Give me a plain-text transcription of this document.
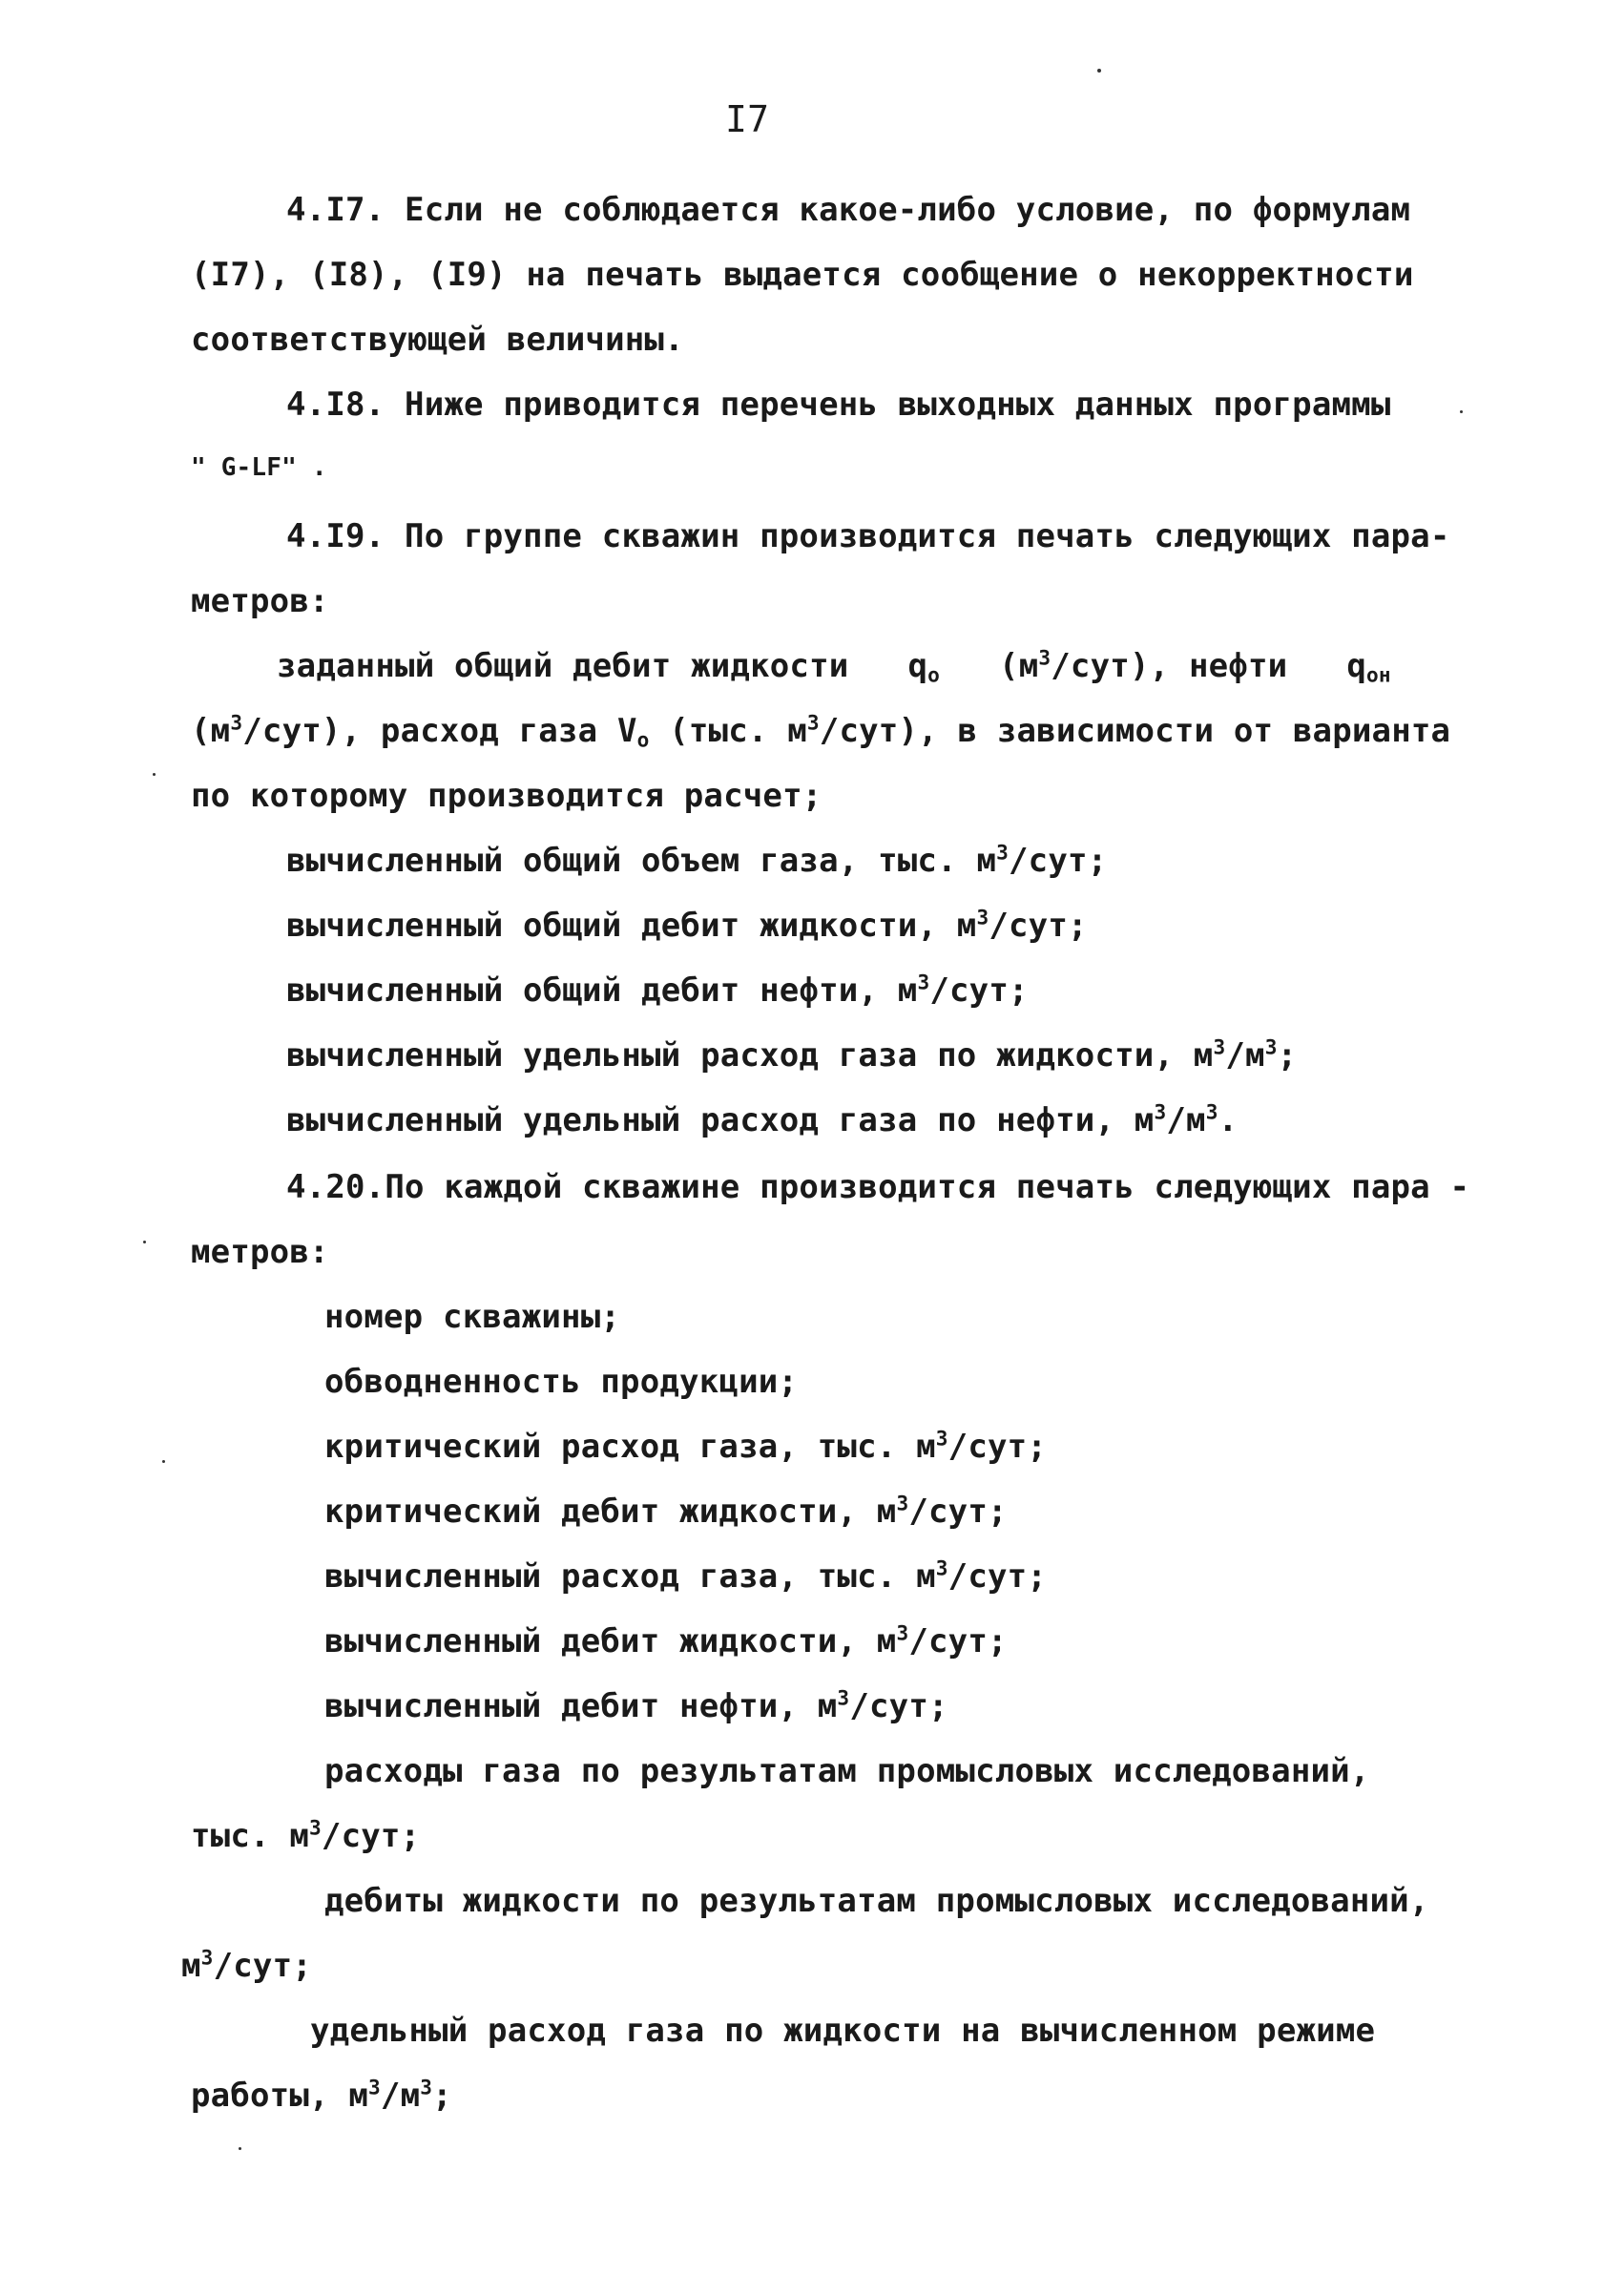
I7
4.I7. Если не соблюдается какое-либо условие, по формулам
(I7), (I8), (I9) на печать выдается сообщение о некорректности
соответствующей величины.
4.I8. Ниже приводится перечень выходных данных программы
" G-LF" .
4.I9. По группе скважин производится печать следующих пара-
метров:
заданный общий дебит жидкости $q_o$ $(м^3/сут)$, нефти $q_{он}$
$(м^3/сут)$, расход газа $V_o$ (тыс. $м^3/сут$), в зависимости от варианта
по которому производится расчет;
вычисленный общий объем газа, тыс. $м^3$/сут;
вычисленный общий дебит жидкости, $м^3$/сут;
вычисленный общий дебит нефти, $м^3$/сут;
вычисленный удельный расход газа по жидкости, $м^3/м^3$;
вычисленный удельный расход газа по нефти, $м^3/м^3$.
4.20.По каждой скважине производится печать следующих пара -
метров:
номер скважины;
обводненность продукции;
критический расход газа, тыс. $м^3$/сут;
критический дебит жидкости, $м^3$/сут;
вычисленный расход газа, тыс. $м^3$/сут;
вычисленный дебит жидкости, $м^3$/сут;
вычисленный дебит нефти, $м^3$/сут;
расходы газа по результатам промысловых исследований,
тыс. $м^3$/сут;
дебиты жидкости по результатам промысловых исследований,
$м^3$/сут;
удельный расход газа по жидкости на вычисленном режиме
работы, $м^3/м^3$;
